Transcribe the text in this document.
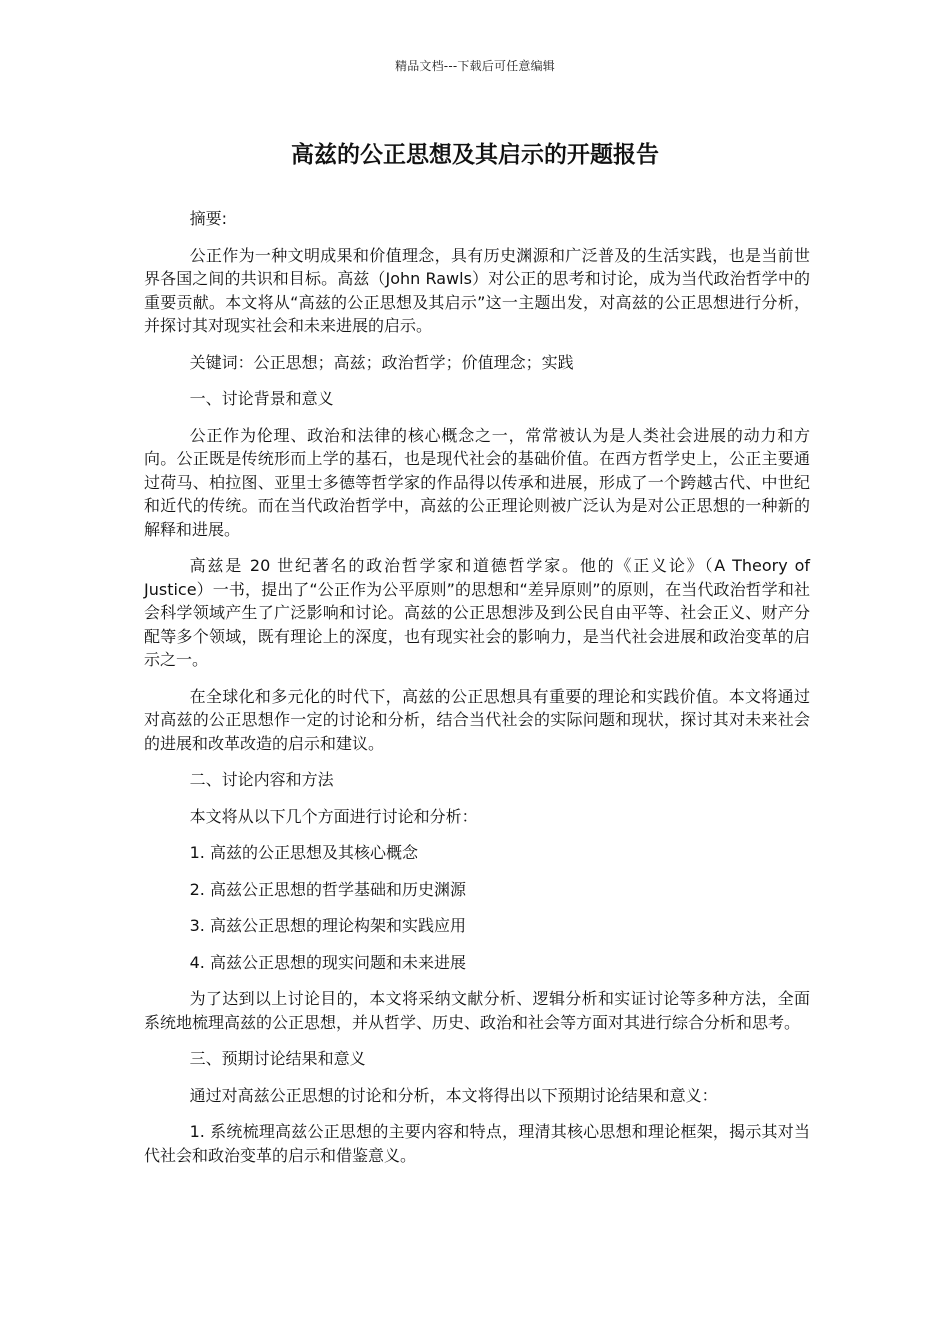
精品文档---下载后可任意编辑
高兹的公正思想及其启示的开题报告

摘要:

公正作为一种文明成果和价值理念，具有历史渊源和广泛普及的生活实践，也是当前世界各国之间的共识和目标。高兹（John Rawls）对公正的思考和讨论，成为当代政治哲学中的重要贡献。本文将从“高兹的公正思想及其启示”这一主题出发，对高兹的公正思想进行分析，并探讨其对现实社会和未来进展的启示。

关键词：公正思想；高兹；政治哲学；价值理念；实践

一、讨论背景和意义

公正作为伦理、政治和法律的核心概念之一，常常被认为是人类社会进展的动力和方向。公正既是传统形而上学的基石，也是现代社会的基础价值。在西方哲学史上，公正主要通过荷马、柏拉图、亚里士多德等哲学家的作品得以传承和进展，形成了一个跨越古代、中世纪和近代的传统。而在当代政治哲学中，高兹的公正理论则被广泛认为是对公正思想的一种新的解释和进展。

高兹是 20 世纪著名的政治哲学家和道德哲学家。他的《正义论》（A Theory of Justice）一书，提出了“公正作为公平原则”的思想和“差异原则”的原则，在当代政治哲学和社会科学领域产生了广泛影响和讨论。高兹的公正思想涉及到公民自由平等、社会正义、财产分配等多个领域，既有理论上的深度，也有现实社会的影响力，是当代社会进展和政治变革的启示之一。

在全球化和多元化的时代下，高兹的公正思想具有重要的理论和实践价值。本文将通过对高兹的公正思想作一定的讨论和分析，结合当代社会的实际问题和现状，探讨其对未来社会的进展和改革改造的启示和建议。

二、讨论内容和方法

本文将从以下几个方面进行讨论和分析：

1. 高兹的公正思想及其核心概念

2. 高兹公正思想的哲学基础和历史渊源

3. 高兹公正思想的理论构架和实践应用

4. 高兹公正思想的现实问题和未来进展

为了达到以上讨论目的，本文将采纳文献分析、逻辑分析和实证讨论等多种方法，全面系统地梳理高兹的公正思想，并从哲学、历史、政治和社会等方面对其进行综合分析和思考。

三、预期讨论结果和意义

通过对高兹公正思想的讨论和分析，本文将得出以下预期讨论结果和意义：

1. 系统梳理高兹公正思想的主要内容和特点，理清其核心思想和理论框架，揭示其对当代社会和政治变革的启示和借鉴意义。
